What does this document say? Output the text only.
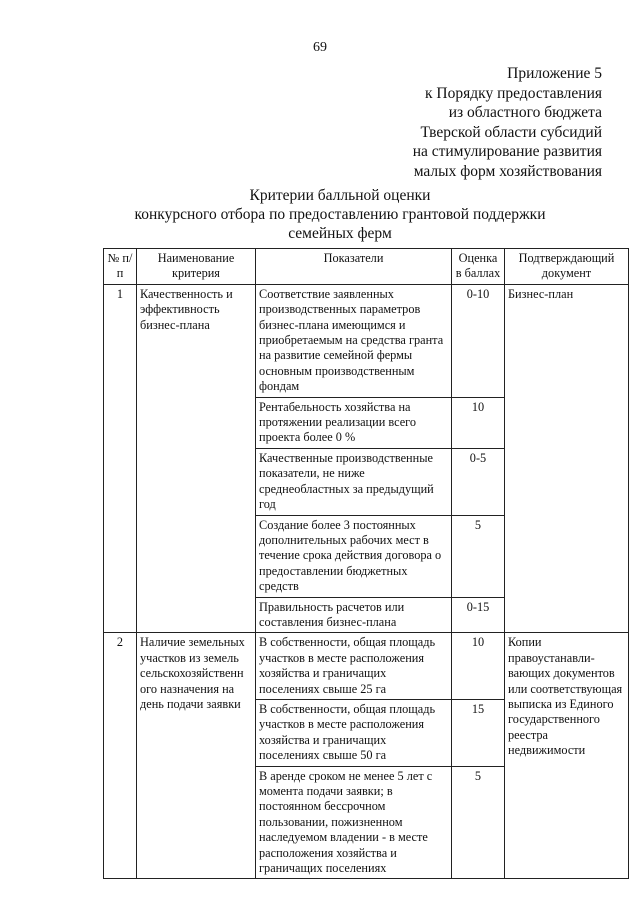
69
Приложение 5
к Порядку предоставления
из областного бюджета
Тверской области субсидий
на стимулирование развития
малых форм хозяйствования
Критерии балльной оценки
конкурсного отбора по предоставлению грантовой поддержки
семейных ферм
№ п/п	Наименование критерия	Показатели	Оценка в баллах	Подтверждающий документ
1	Качественность и эффективность бизнес-плана	Соответствие заявленных производственных параметров бизнес-плана имеющимся и приобретаемым на средства гранта на развитие семейной фермы основным производственным фондам	0-10	Бизнес-план
		Рентабельность хозяйства на протяжении реализации всего проекта более 0 %	10	
		Качественные производственные показатели, не ниже среднеобластных за предыдущий год	0-5	
		Создание более 3 постоянных дополнительных рабочих мест в течение срока действия договора о предоставлении бюджетных средств	5	
		Правильность расчетов или составления бизнес-плана	0-15	
2	Наличие земельных участков из земель сельскохозяйственн ого назначения на день подачи заявки	В собственности, общая площадь участков в месте расположения хозяйства и граничащих поселениях свыше 25 га	10	Копии правоустанавли-вающих документов или соответствующая выписка из Единого государственного реестра недвижимости
		В собственности, общая площадь участков в месте расположения хозяйства и граничащих поселениях свыше 50 га	15	
		В аренде сроком не менее 5 лет с момента подачи заявки; в постоянном бессрочном пользовании, пожизненном наследуемом владении - в месте расположения хозяйства и граничащих поселениях	5	
